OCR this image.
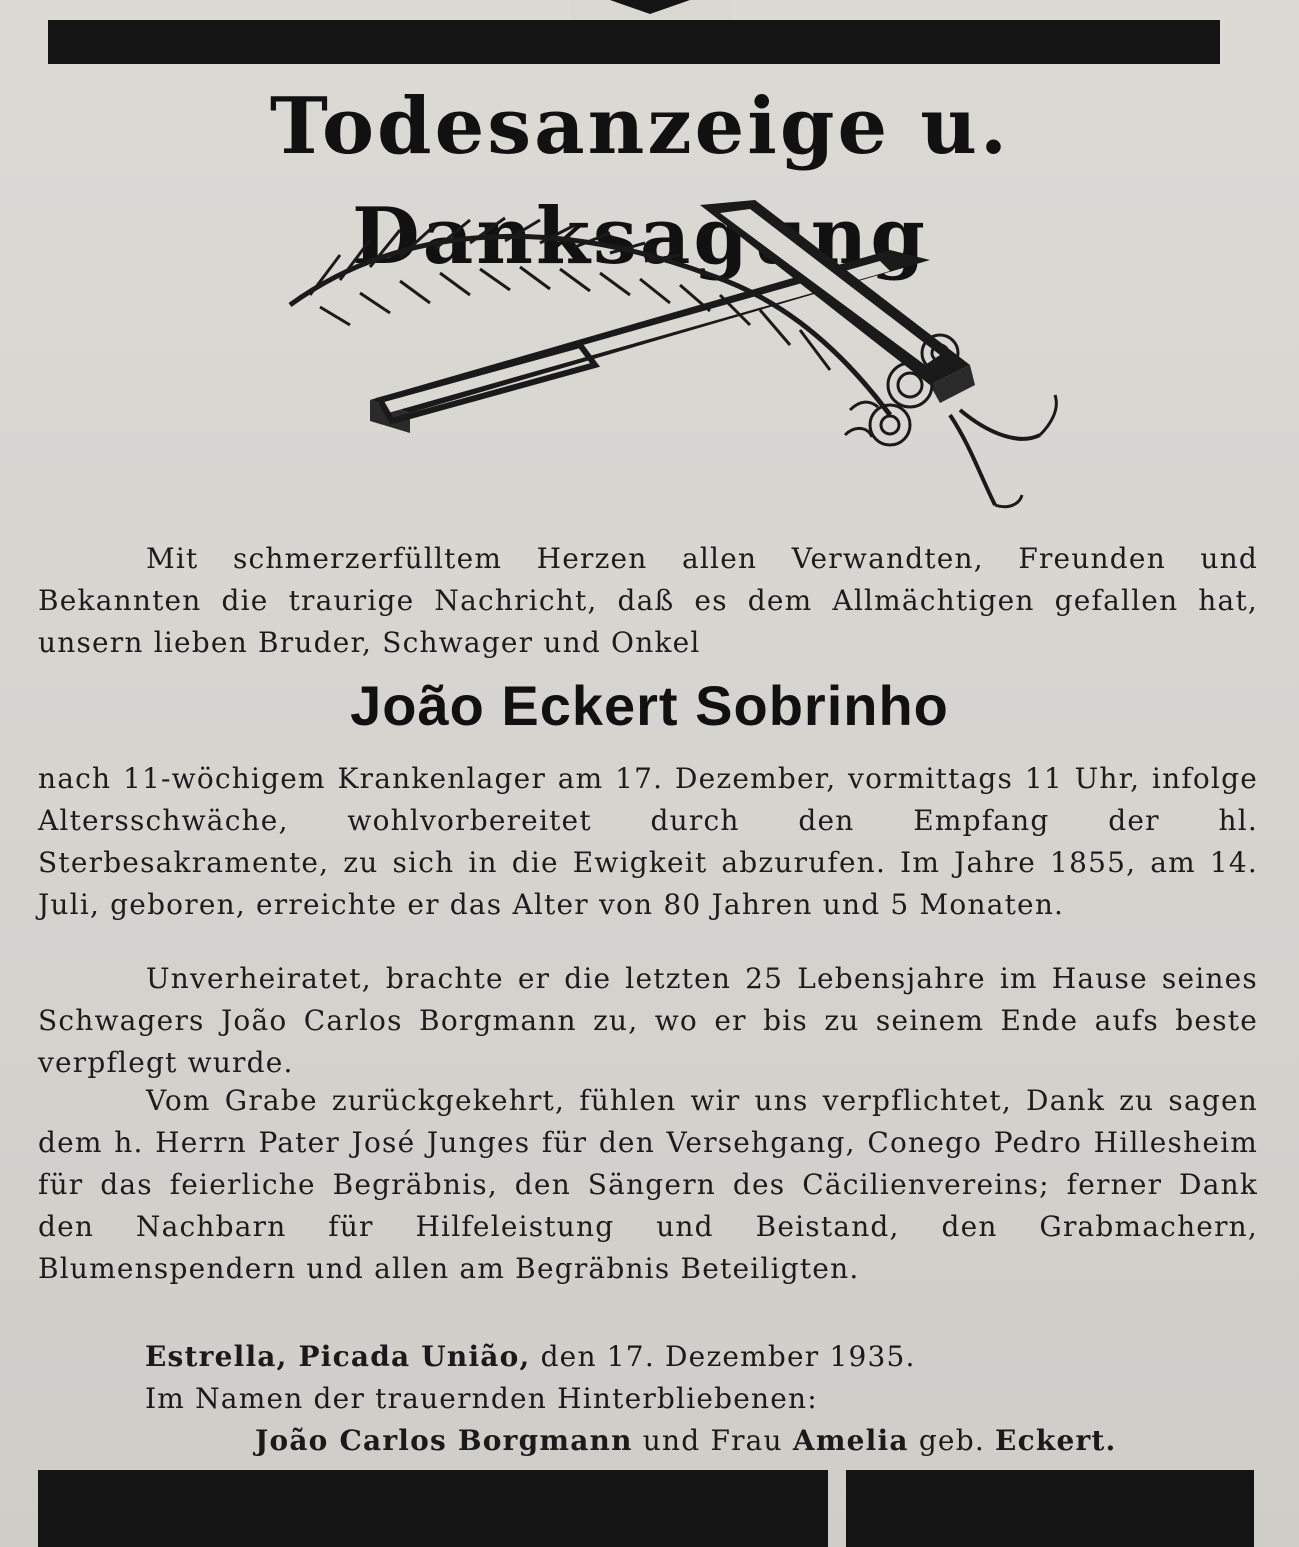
Todesanzeige u. Danksagung
Mit schmerzerfülltem Herzen allen Verwandten, Freunden und Bekannten die traurige Nachricht, daß es dem Allmächtigen gefallen hat, unsern lieben Bruder, Schwager und Onkel
João Eckert Sobrinho
nach 11-wöchigem Krankenlager am 17. Dezember, vormittags 11 Uhr, infolge Altersschwäche, wohlvorbereitet durch den Empfang der hl. Sterbesakramente, zu sich in die Ewigkeit abzurufen. Im Jahre 1855, am 14. Juli, geboren, erreichte er das Alter von 80 Jahren und 5 Monaten.
Unverheiratet, brachte er die letzten 25 Lebensjahre im Hause seines Schwagers João Carlos Borgmann zu, wo er bis zu seinem Ende aufs beste verpflegt wurde.
Vom Grabe zurückgekehrt, fühlen wir uns verpflichtet, Dank zu sagen dem h. Herrn Pater José Junges für den Versehgang, Conego Pedro Hillesheim für das feierliche Begräbnis, den Sängern des Cäcilienvereins; ferner Dank den Nachbarn für Hilfeleistung und Beistand, den Grabmachern, Blumenspendern und allen am Begräbnis Beteiligten.
Estrella, Picada União, den 17. Dezember 1935.
Im Namen der trauernden Hinterbliebenen:
João Carlos Borgmann und Frau Amelia geb. Eckert.
